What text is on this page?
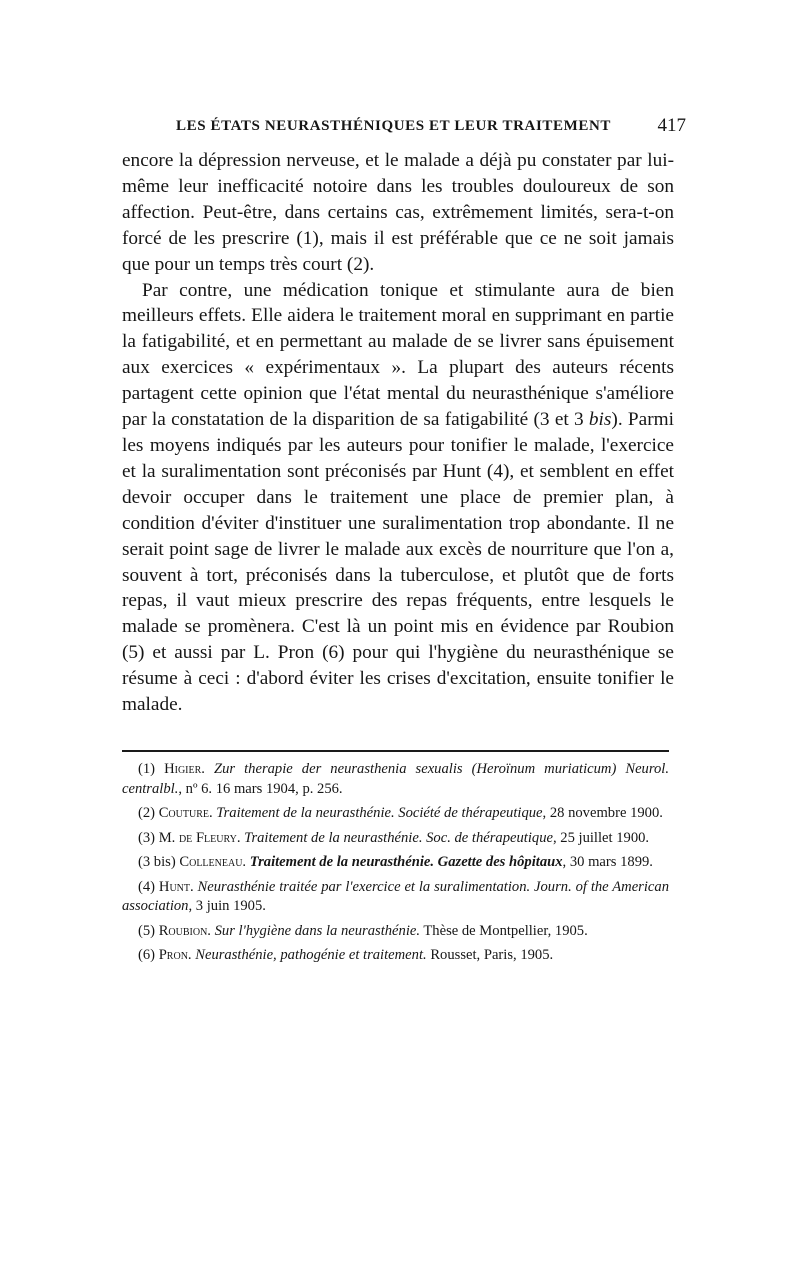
LES ÉTATS NEURASTHÉNIQUES ET LEUR TRAITEMENT 417

encore la dépression nerveuse, et le malade a déjà pu constater par lui-même leur inefficacité notoire dans les troubles douloureux de son affection. Peut-être, dans certains cas, extrêmement limités, sera-t-on forcé de les prescrire (1), mais il est préférable que ce ne soit jamais que pour un temps très court (2).

Par contre, une médication tonique et stimulante aura de bien meilleurs effets. Elle aidera le traitement moral en supprimant en partie la fatigabilité, et en permettant au malade de se livrer sans épuisement aux exercices « expérimentaux ». La plupart des auteurs récents partagent cette opinion que l'état mental du neurasthénique s'améliore par la constatation de la disparition de sa fatigabilité (3 et 3 bis). Parmi les moyens indiqués par les auteurs pour tonifier le malade, l'exercice et la suralimentation sont préconisés par Hunt (4), et semblent en effet devoir occuper dans le traitement une place de premier plan, à condition d'éviter d'instituer une suralimentation trop abondante. Il ne serait point sage de livrer le malade aux excès de nourriture que l'on a, souvent à tort, préconisés dans la tuberculose, et plutôt que de forts repas, il vaut mieux prescrire des repas fréquents, entre lesquels le malade se promènera. C'est là un point mis en évidence par Roubion (5) et aussi par L. Pron (6) pour qui l'hygiène du neurasthénique se résume à ceci : d'abord éviter les crises d'excitation, ensuite tonifier le malade.

(1) Higier. Zur therapie der neurasthenia sexualis (Heroïnum muriaticum) Neurol. centralbl., nº 6. 16 mars 1904, p. 256.

(2) Couture. Traitement de la neurasthénie. Société de thérapeutique, 28 novembre 1900.

(3) M. de Fleury. Traitement de la neurasthénie. Soc. de thérapeutique, 25 juillet 1900.

(3 bis) Colleneau. Traitement de la neurasthénie. Gazette des hôpitaux, 30 mars 1899.

(4) Hunt. Neurasthénie traitée par l'exercice et la suralimentation. Journ. of the American association, 3 juin 1905.

(5) Roubion. Sur l'hygiène dans la neurasthénie. Thèse de Montpellier, 1905.

(6) Pron. Neurasthénie, pathogénie et traitement. Rousset, Paris, 1905.
